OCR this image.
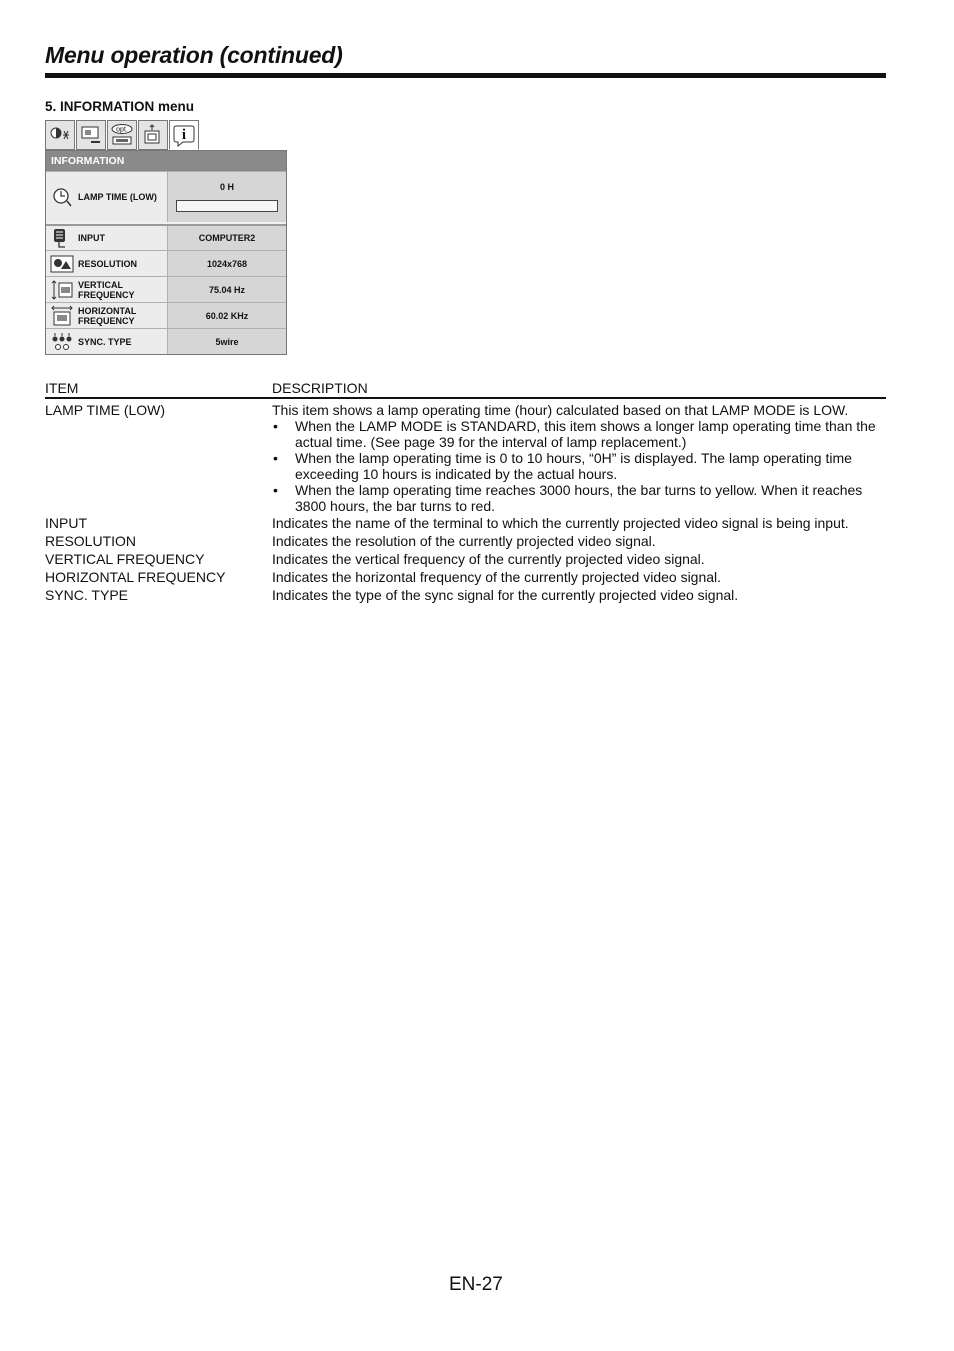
Menu operation (continued)
5. INFORMATION menu
opt.	i
INFORMATION
LAMP TIME (LOW)
0 H
INPUT	COMPUTER2
RESOLUTION	1024x768
VERTICAL
FREQUENCY	75.04 Hz
HORIZONTAL
FREQUENCY	60.02 KHz
SYNC. TYPE	5wire
ITEM	DESCRIPTION
LAMP TIME (LOW)	This item shows a lamp operating time (hour) calculated based on that LAMP MODE is LOW.
•	When the LAMP MODE is STANDARD, this item shows a longer lamp operating time than the actual time. (See page 39 for the interval of lamp replacement.)
•	When the lamp operating time is 0 to 10 hours, “0H” is displayed. The lamp operating time exceeding 10 hours is indicated by the actual hours.
•	When the lamp operating time reaches 3000 hours, the bar turns to yellow. When it reaches 3800 hours, the bar turns to red.
INPUT	Indicates the name of the terminal to which the currently projected video signal is being input.
RESOLUTION	Indicates the resolution of the currently projected video signal.
VERTICAL FREQUENCY	Indicates the vertical frequency of the currently projected video signal.
HORIZONTAL FREQUENCY	Indicates the horizontal frequency of the currently projected video signal.
SYNC. TYPE	Indicates the type of the sync signal for the currently projected video signal.
EN-27
